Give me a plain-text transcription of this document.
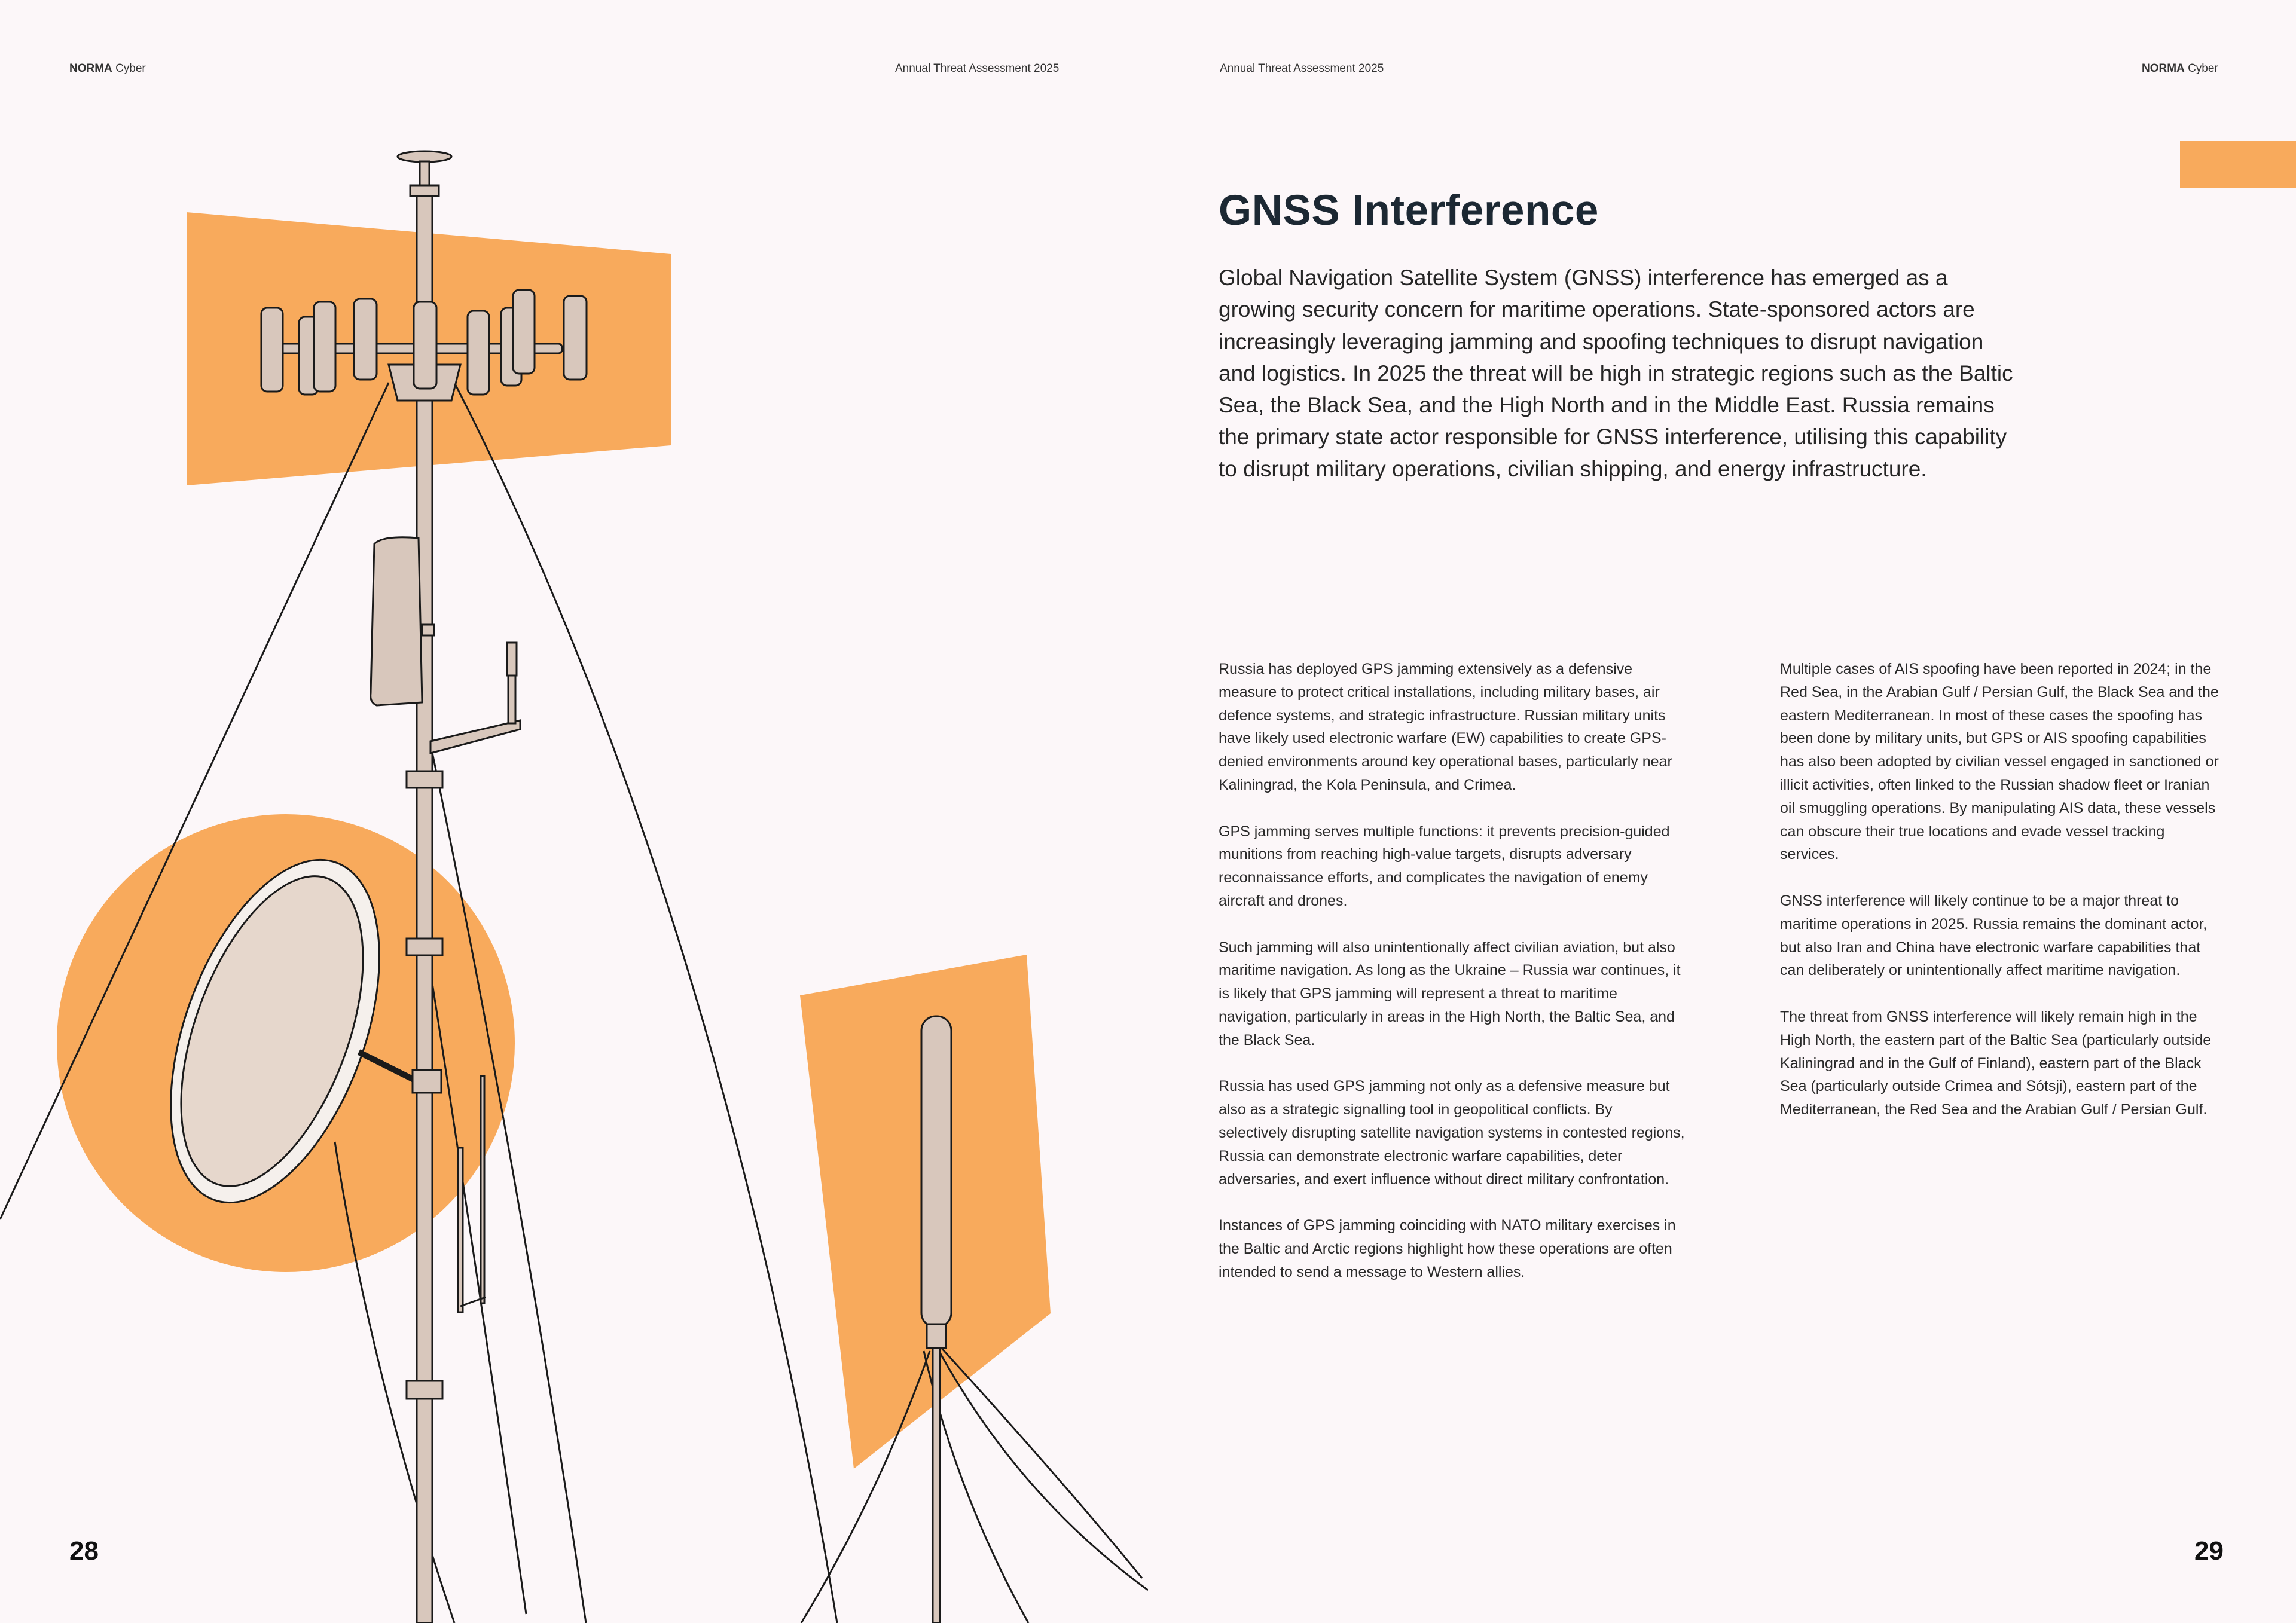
NORMA Cyber	Annual Threat Assessment 2025
28
Annual Threat Assessment 2025	NORMA Cyber
GNSS Interference

Global Navigation Satellite System (GNSS) interference has emerged as a growing security concern for maritime operations. State-sponsored actors are increasingly leveraging jamming and spoofing techniques to disrupt navigation and logistics. In 2025 the threat will be high in strategic regions such as the Baltic Sea, the Black Sea, and the High North and in the Middle East. Russia remains the primary state actor responsible for GNSS interference, utilising this capability to disrupt military operations, civilian shipping, and energy infrastructure.

Russia has deployed GPS jamming extensively as a defensive measure to protect critical installations, including military bases, air defence systems, and strategic infrastructure. Russian military units have likely used electronic warfare (EW) capabilities to create GPS-denied environments around key operational bases, particularly near Kaliningrad, the Kola Peninsula, and Crimea.

GPS jamming serves multiple functions: it prevents precision-guided munitions from reaching high-value targets, disrupts adversary reconnaissance efforts, and complicates the navigation of enemy aircraft and drones.

Such jamming will also unintentionally affect civilian aviation, but also maritime navigation. As long as the Ukraine – Russia war continues, it is likely that GPS jamming will represent a threat to maritime navigation, particularly in areas in the High North, the Baltic Sea, and the Black Sea.

Russia has used GPS jamming not only as a defensive measure but also as a strategic signalling tool in geopolitical conflicts. By selectively disrupting satellite navigation systems in contested regions, Russia can demonstrate electronic warfare capabilities, deter adversaries, and exert influence without direct military confrontation.

Instances of GPS jamming coinciding with NATO military exercises in the Baltic and Arctic regions highlight how these operations are often intended to send a message to Western allies.

Multiple cases of AIS spoofing have been reported in 2024; in the Red Sea, in the Arabian Gulf / Persian Gulf, the Black Sea and the eastern Mediterranean. In most of these cases the spoofing has been done by military units, but GPS or AIS spoofing capabilities has also been adopted by civilian vessel engaged in sanctioned or illicit activities, often linked to the Russian shadow fleet or Iranian oil smuggling operations. By manipulating AIS data, these vessels can obscure their true locations and evade vessel tracking services.

GNSS interference will likely continue to be a major threat to maritime operations in 2025. Russia remains the dominant actor, but also Iran and China have electronic warfare capabilities that can deliberately or unintentionally affect maritime navigation.

The threat from GNSS interference will likely remain high in the High North, the eastern part of the Baltic Sea (particularly outside Kaliningrad and in the Gulf of Finland), eastern part of the Black Sea (particularly outside Crimea and Sótsji), eastern part of the Mediterranean, the Red Sea and the Arabian Gulf / Persian Gulf.

29
